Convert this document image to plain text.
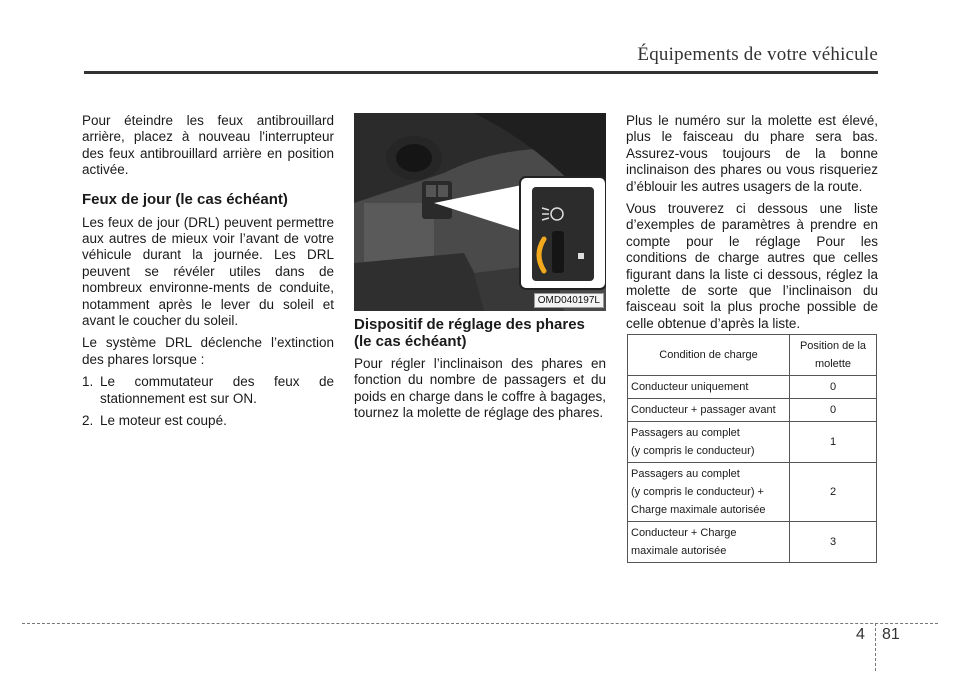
Équipements de votre véhicule

Pour éteindre les feux antibrouillard arrière, placez à nouveau l'interrupteur des feux antibrouillard arrière en position activée.

Feux de jour (le cas échéant)

Les feux de jour (DRL) peuvent permettre aux autres de mieux voir l’avant de votre véhicule durant la journée. Les DRL peuvent se révéler utiles dans de nombreux environne-ments de conduite, notamment après le lever du soleil et avant le coucher du soleil.

Le système DRL déclenche l’extinction des phares lorsque :

1. Le commutateur des feux de stationnement est sur ON.
2. Le moteur est coupé.
OMD040197L
Dispositif de réglage des phares (le cas échéant)

Pour régler l’inclinaison des phares en fonction du nombre de passagers et du poids en charge dans le coffre à bagages, tournez la molette de réglage des phares.

Plus le numéro sur la molette est élevé, plus le faisceau du phare sera bas. Assurez-vous toujours de la bonne inclinaison des phares ou vous risqueriez d’éblouir les autres usagers de la route.

Vous trouverez ci dessous une liste d’exemples de paramètres à prendre en compte pour le réglage Pour les conditions de charge autres que celles figurant dans la liste ci dessous, réglez la molette de sorte que l’inclinaison du faisceau soit la plus proche possible de celle obtenue d’après la liste.

Condition de charge	Position de la molette

Conducteur uniquement	0

Conducteur + passager avant	0

Passagers au complet
(y compris le conducteur)	1

Passagers au complet
(y compris le conducteur) +
Charge maximale autorisée	2

Conducteur + Charge
maximale autorisée	3
4 81
